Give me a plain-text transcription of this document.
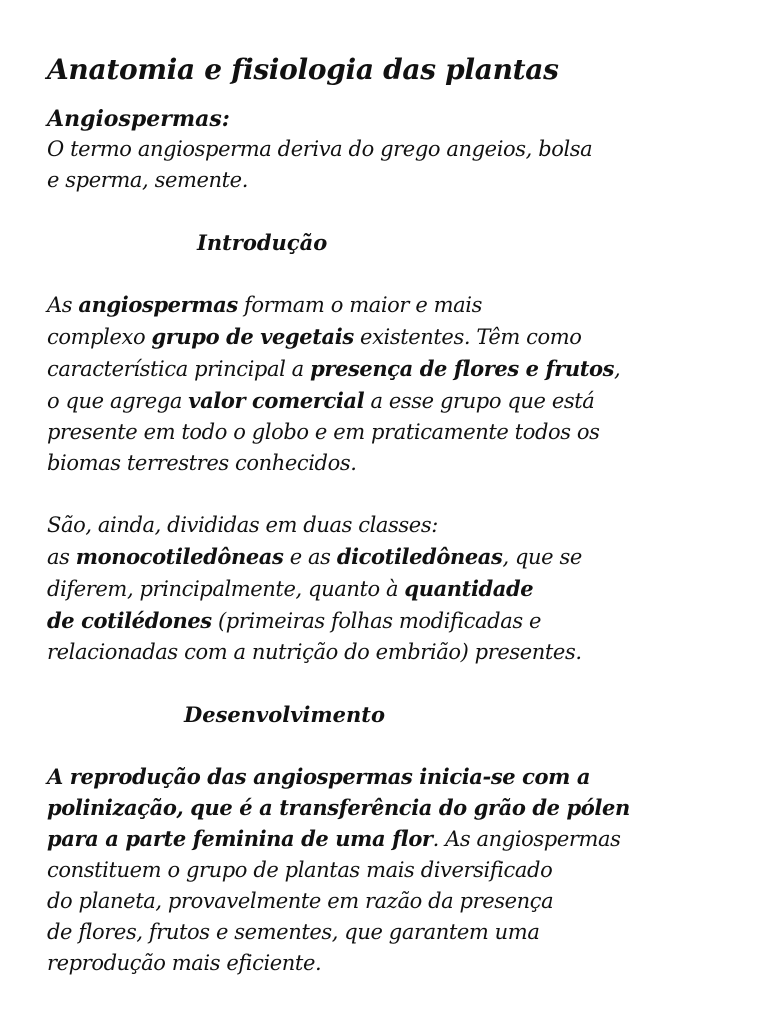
Anatomia e fisiologia das plantas
Angiospermas:
O termo angiosperma deriva do grego angeios, bolsa
e sperma, semente.
Introdução
As angiospermas formam o maior e mais
complexo grupo de vegetais existentes. Têm como
característica principal a presença de flores e frutos,
o que agrega valor comercial a esse grupo que está
presente em todo o globo e em praticamente todos os
biomas terrestres conhecidos.
São, ainda, divididas em duas classes:
as monocotiledôneas e as dicotiledôneas, que se
diferem, principalmente, quanto à quantidade
de cotilédones (primeiras folhas modificadas e
relacionadas com a nutrição do embrião) presentes.
Desenvolvimento
A reprodução das angiospermas inicia-se com a
polinização, que é a transferência do grão de pólen
para a parte feminina de uma flor. As angiospermas
constituem o grupo de plantas mais diversificado
do planeta, provavelmente em razão da presença
de flores, frutos e sementes, que garantem uma
reprodução mais eficiente.
